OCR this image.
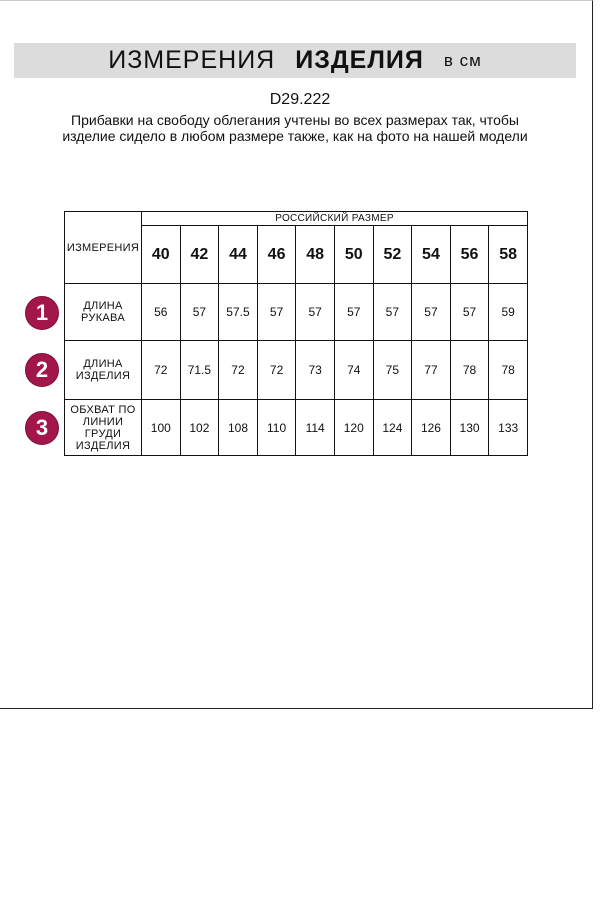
ИЗМЕРЕНИЯ ИЗДЕЛИЯ в см
D29.222
Прибавки на свободу облегания учтены во всех размерах так, чтобы изделие сидело в любом размере также, как на фото на нашей модели
1
2
3
ИЗМЕРЕНИЯ	РОССИЙСКИЙ РАЗМЕР									
	40	42	44	46	48	50	52	54	56	58
ДЛИНА РУКАВА	56	57	57.5	57	57	57	57	57	57	59
ДЛИНА ИЗДЕЛИЯ	72	71.5	72	72	73	74	75	77	78	78
ОБХВАТ ПО ЛИНИИ ГРУДИ ИЗДЕЛИЯ	100	102	108	110	114	120	124	126	130	133
